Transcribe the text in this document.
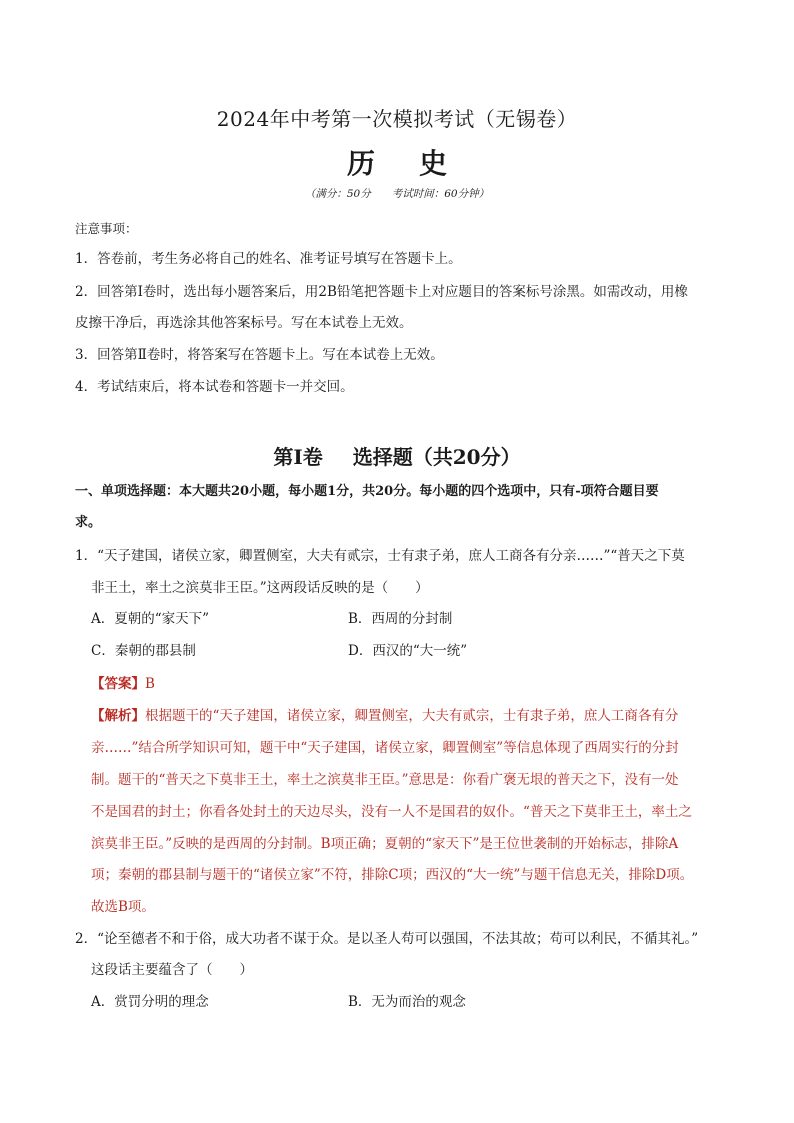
2024年中考第一次模拟考试（无锡卷）
历 史
（满分：50分　　考试时间：60分钟）
注意事项：
1．答卷前，考生务必将自己的姓名、准考证号填写在答题卡上。
2．回答第Ⅰ卷时，选出每小题答案后，用2B铅笔把答题卡上对应题目的答案标号涂黑。如需改动，用橡
皮擦干净后，再选涂其他答案标号。写在本试卷上无效。
3．回答第Ⅱ卷时，将答案写在答题卡上。写在本试卷上无效。
4．考试结束后，将本试卷和答题卡一并交回。
第Ⅰ卷 选择题（共20分）
一、单项选择题：本大题共20小题，每小题1分，共20分。每小题的四个选项中，只有-项符合题目要
求。
1．“天子建国，诸侯立家，卿置侧室，大夫有贰宗，士有隶子弟，庶人工商各有分亲……”“普天之下莫
非王土，率土之滨莫非王臣。”这两段话反映的是（　　）
A．夏朝的“家天下”	B．西周的分封制
C．秦朝的郡县制	D．西汉的“大一统”
【答案】B
【解析】根据题干的“天子建国，诸侯立家，卿置侧室，大夫有贰宗，士有隶子弟，庶人工商各有分
亲……”结合所学知识可知，题干中“天子建国，诸侯立家，卿置侧室”等信息体现了西周实行的分封
制。题干的“普天之下莫非王土，率土之滨莫非王臣。”意思是：你看广褒无垠的普天之下，没有一处
不是国君的封土；你看各处封土的天边尽头，没有一人不是国君的奴仆。“普天之下莫非王土，率土之
滨莫非王臣。”反映的是西周的分封制。B项正确；夏朝的“家天下”是王位世袭制的开始标志，排除A
项；秦朝的郡县制与题干的“诸侯立家”不符，排除C项；西汉的“大一统”与题干信息无关，排除D项。
故选B项。
2．“论至德者不和于俗，成大功者不谋于众。是以圣人苟可以强国，不法其故；苟可以利民，不循其礼。”
这段话主要蕴含了（　　）
A．赏罚分明的理念	B．无为而治的观念
